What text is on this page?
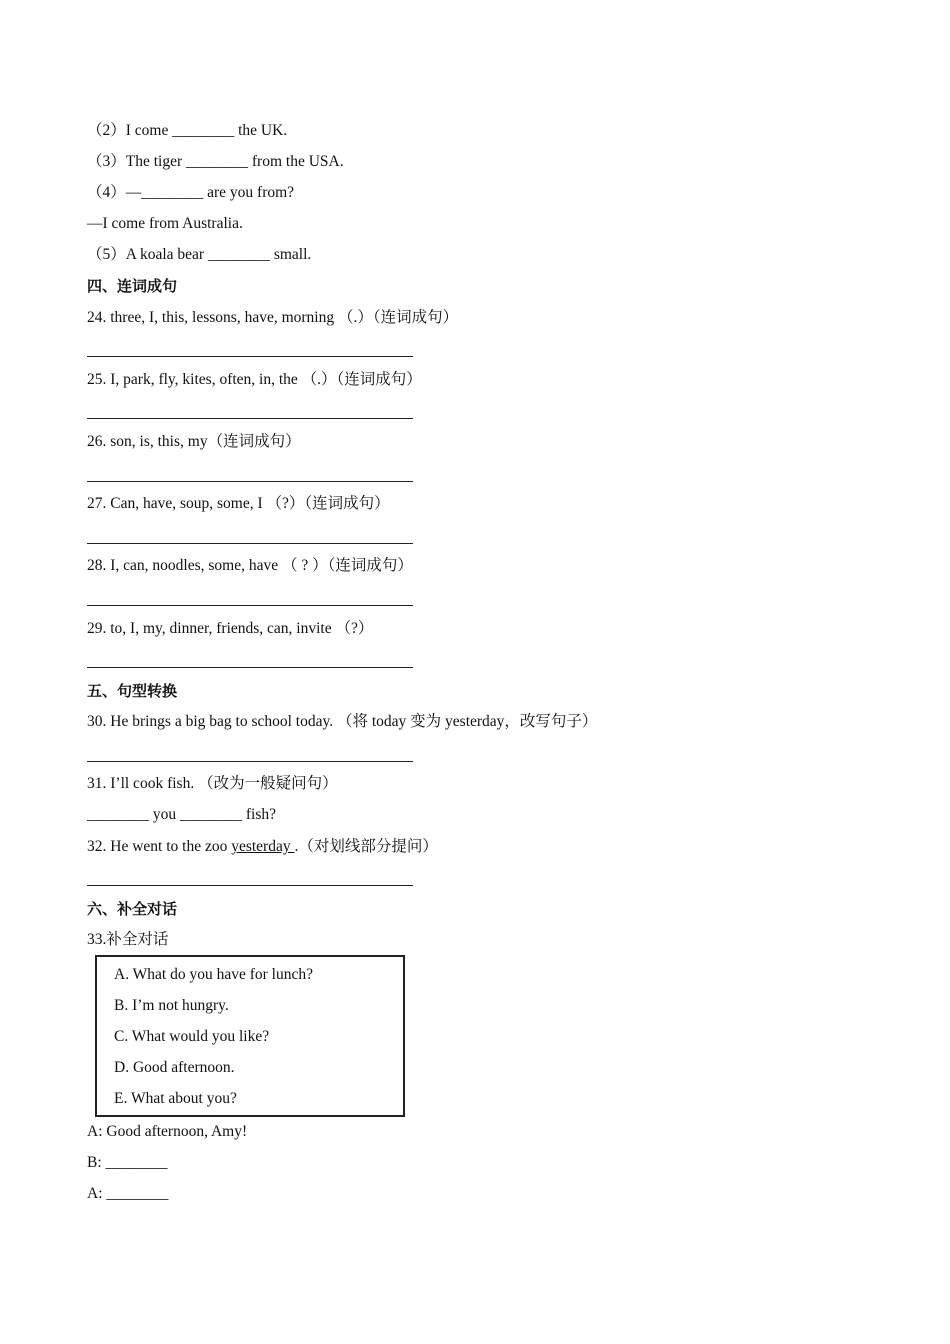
（2）I come ________ the UK.
（3）The tiger ________ from the USA.
（4）—________ are you from?
—I come from Australia.
（5）A koala bear ________ small.
四、连词成句
24. three, I, this, lessons, have, morning （.）（连词成句）
25. I, park, fly, kites, often, in, the （.）（连词成句）
26. son, is, this, my（连词成句）
27. Can, have, soup, some, I （?）（连词成句）
28. I, can, noodles, some, have （ ? ）（连词成句）
29. to, I, my, dinner, friends, can, invite （?）
五、句型转换
30. He brings a big bag to school today. （将 today 变为 yesterday，改写句子）
31. I’ll cook fish. （改为一般疑问句）
________ you ________ fish?
32. He went to the zoo yesterday .（对划线部分提问）
六、补全对话
33.补全对话
A. What do you have for lunch?
B. I’m not hungry.
C. What would you like?
D. Good afternoon.
E. What about you?
A: Good afternoon, Amy!
B: ________
A: ________
